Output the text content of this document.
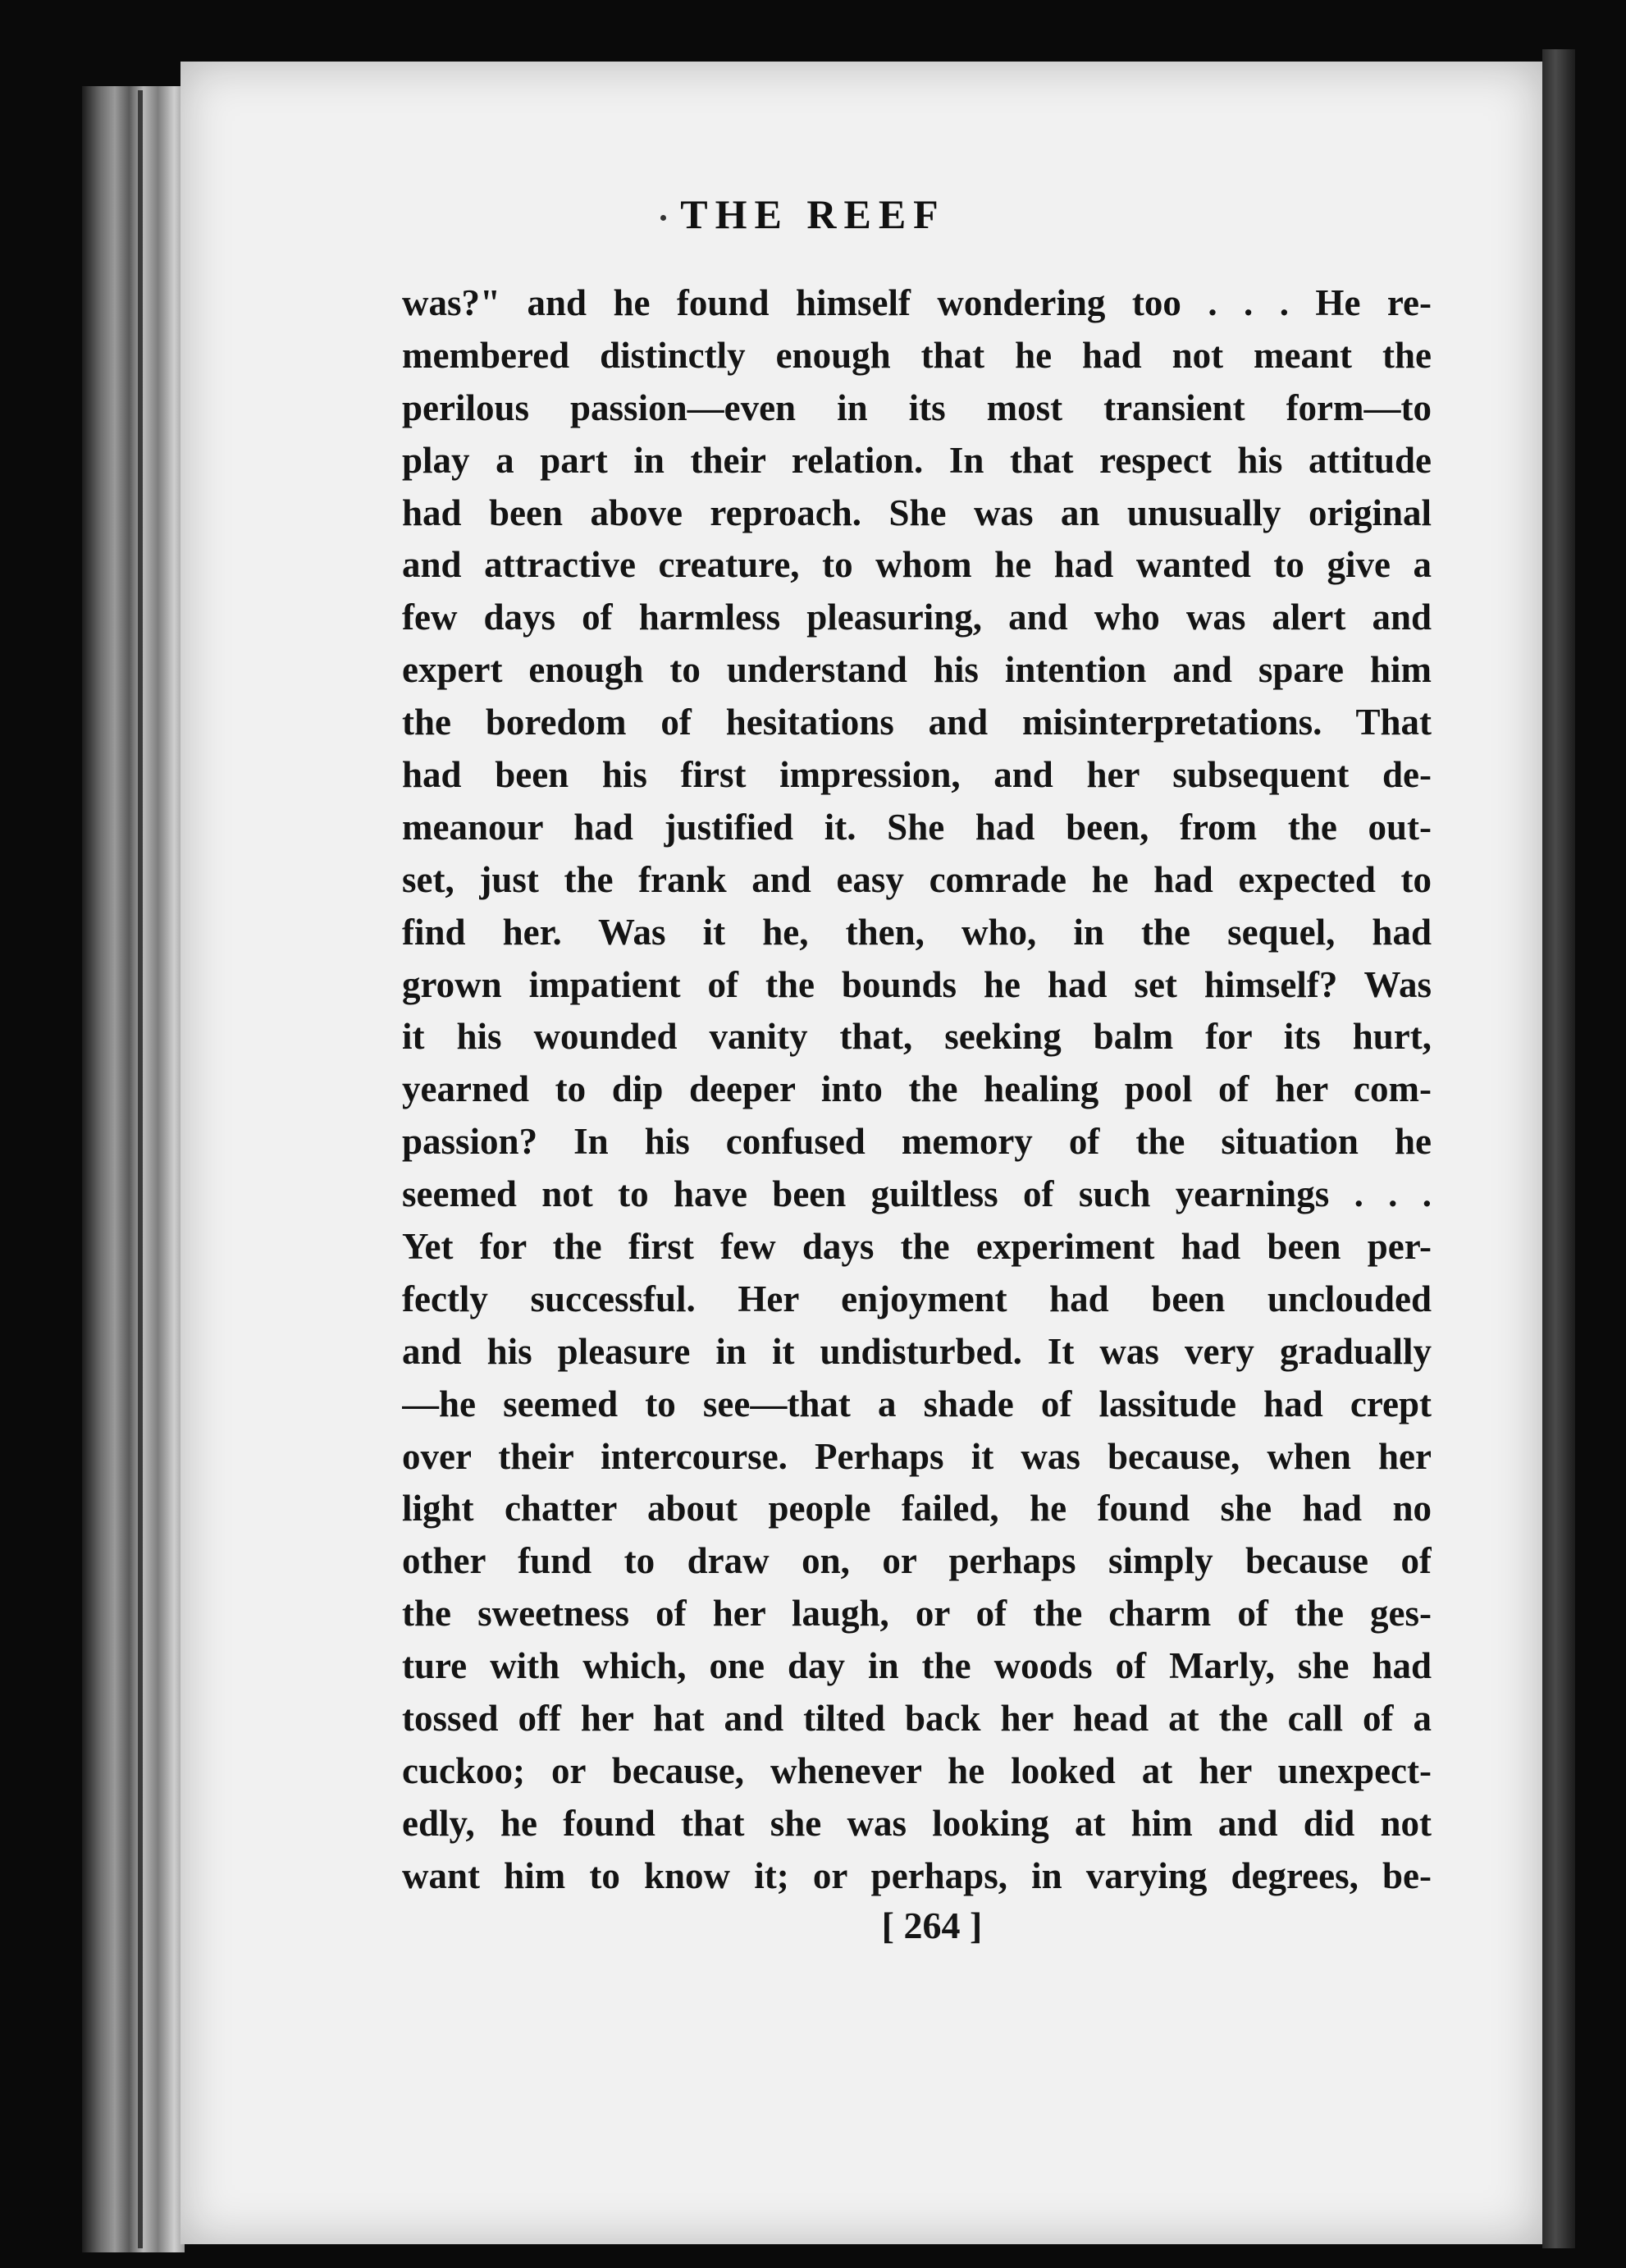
THE REEF
was?" and he found himself wondering too . . . He re-
membered distinctly enough that he had not meant the
perilous passion—even in its most transient form—to
play a part in their relation. In that respect his attitude
had been above reproach. She was an unusually original
and attractive creature, to whom he had wanted to give a
few days of harmless pleasuring, and who was alert and
expert enough to understand his intention and spare him
the boredom of hesitations and misinterpretations. That
had been his first impression, and her subsequent de-
meanour had justified it. She had been, from the out-
set, just the frank and easy comrade he had expected to
find her. Was it he, then, who, in the sequel, had
grown impatient of the bounds he had set himself? Was
it his wounded vanity that, seeking balm for its hurt,
yearned to dip deeper into the healing pool of her com-
passion? In his confused memory of the situation he
seemed not to have been guiltless of such yearnings . . .
Yet for the first few days the experiment had been per-
fectly successful. Her enjoyment had been unclouded
and his pleasure in it undisturbed. It was very gradually
—he seemed to see—that a shade of lassitude had crept
over their intercourse. Perhaps it was because, when her
light chatter about people failed, he found she had no
other fund to draw on, or perhaps simply because of
the sweetness of her laugh, or of the charm of the ges-
ture with which, one day in the woods of Marly, she had
tossed off her hat and tilted back her head at the call of a
cuckoo; or because, whenever he looked at her unexpect-
edly, he found that she was looking at him and did not
want him to know it; or perhaps, in varying degrees, be-
[ 264 ]
